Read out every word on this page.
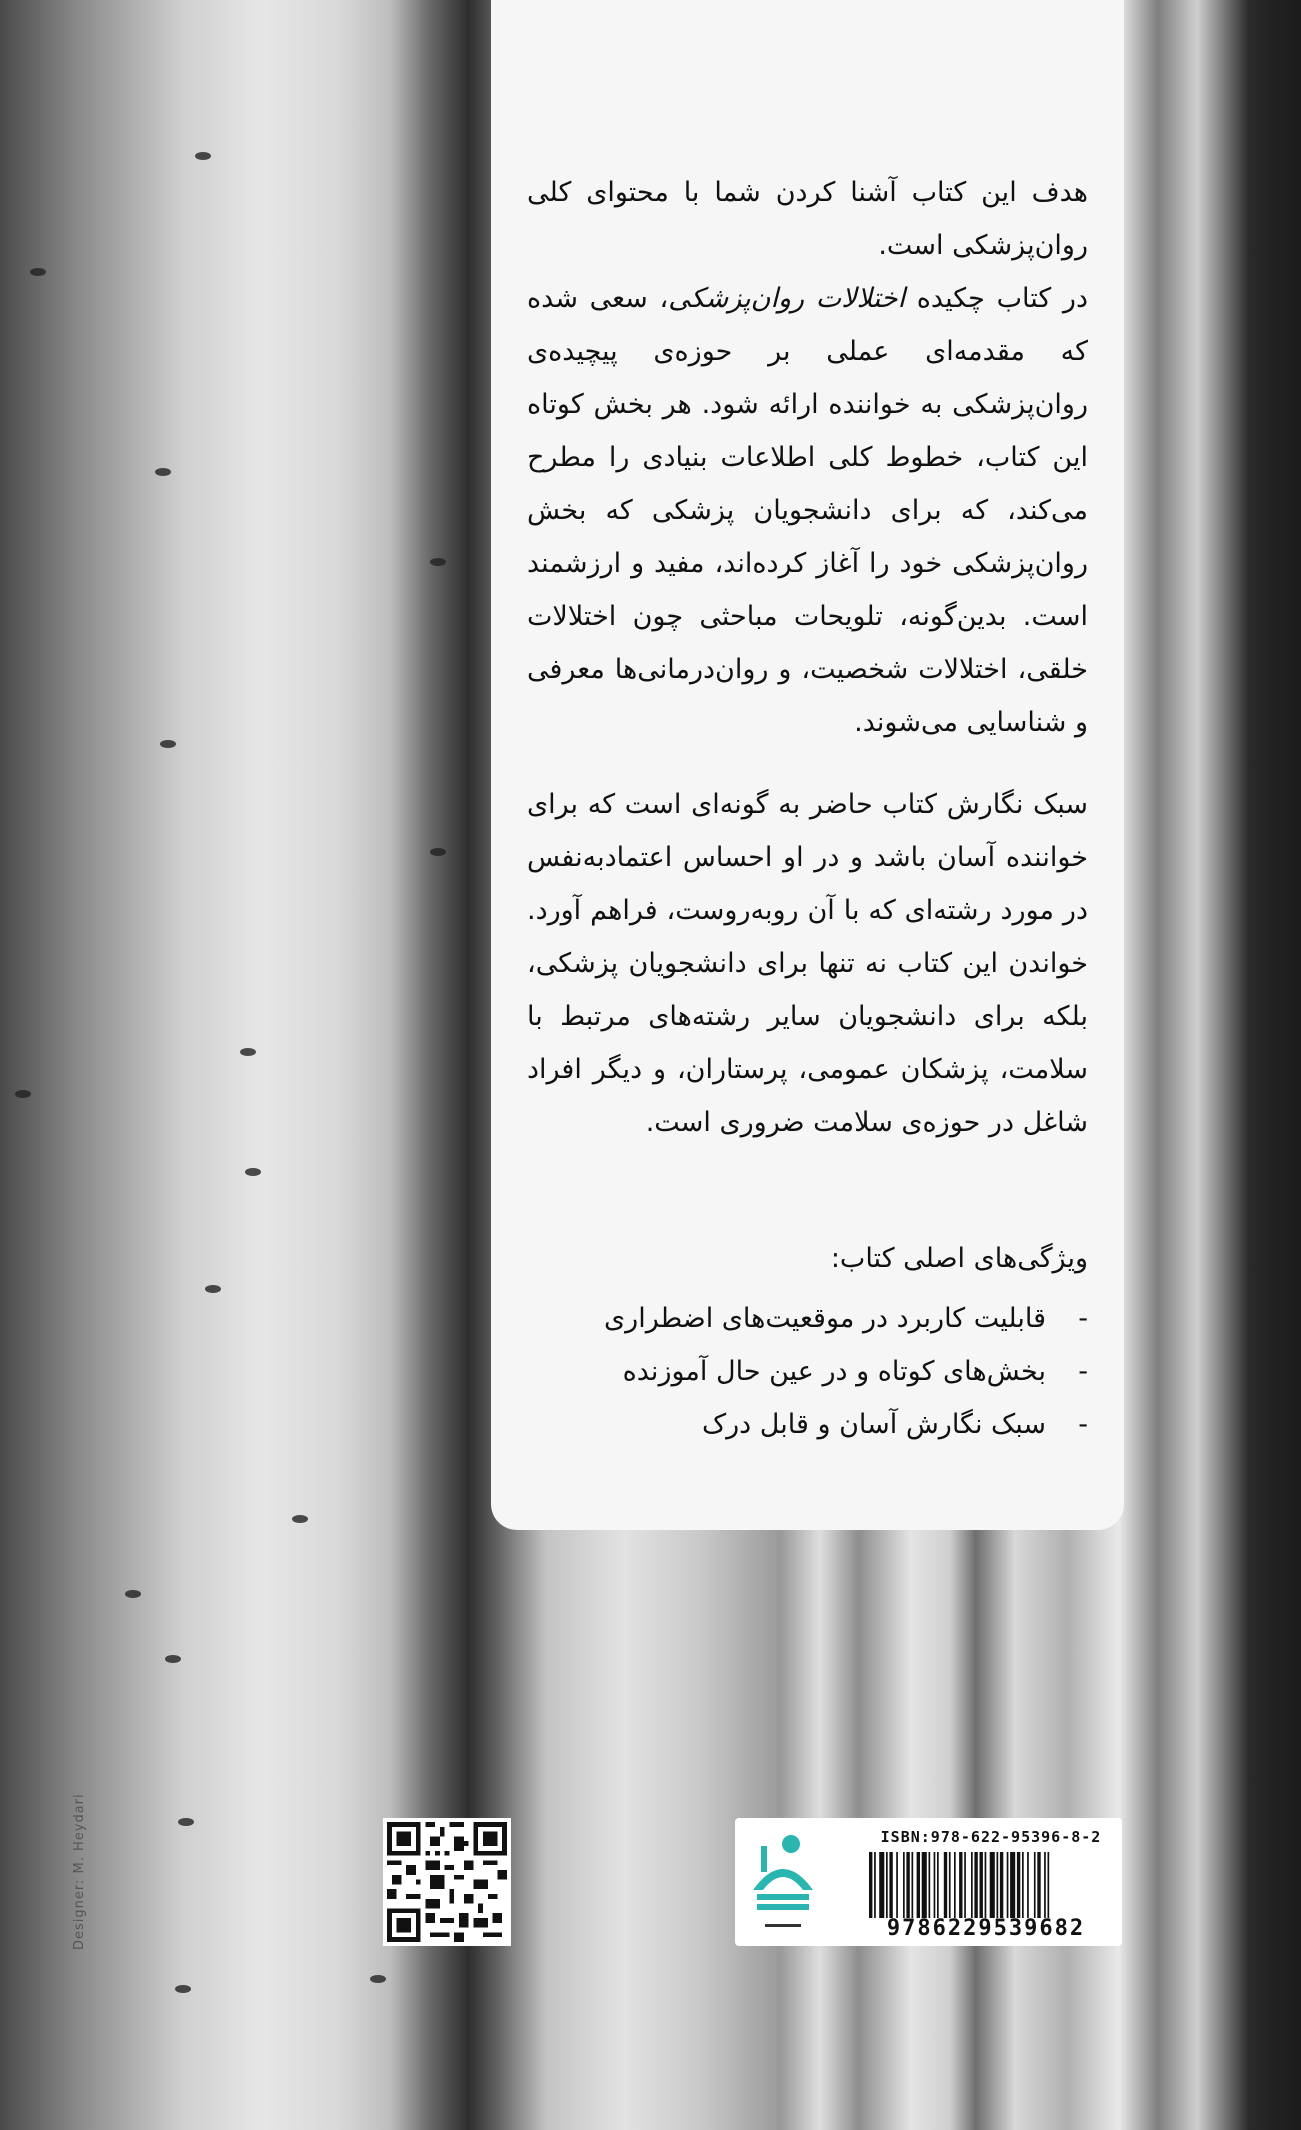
هدف این کتاب آشنا کردن شما با محتوای کلی روان‌پزشکی است.

در کتاب چکیده اختلالات روان‌پزشکی، سعی شده که مقدمه‌ای عملی بر حوزه‌ی پیچیده‌ی روان‌پزشکی به خواننده ارائه شود. هر بخش کوتاه این کتاب، خطوط کلی اطلاعات بنیادی را مطرح می‌کند، که برای دانشجویان پزشکی که بخش روان‌پزشکی خود را آغاز کرده‌اند، مفید و ارزشمند است. بدین‌گونه، تلویحات مباحثی چون اختلالات خلقی، اختلالات شخصیت، و روان‌درمانی‌ها معرفی و شناسایی می‌شوند.

سبک نگارش کتاب حاضر به گونه‌ای است که برای خواننده آسان باشد و در او احساس اعتمادبه‌نفس در مورد رشته‌ای که با آن روبه‌روست، فراهم آورد. خواندن این کتاب نه تنها برای دانشجویان پزشکی، بلکه برای دانشجویان سایر رشته‌های مرتبط با سلامت، پزشکان عمومی، پرستاران، و دیگر افراد شاغل در حوزه‌ی سلامت ضروری است.

ویژگی‌های اصلی کتاب:

-قابلیت کاربرد در موقعیت‌های اضطراری

-بخش‌های کوتاه و در عین حال آموزنده

-سبک نگارش آسان و قابل درک

ISBN:978-622-95396-8-2
9786229539682
Designer: M. Heydari
